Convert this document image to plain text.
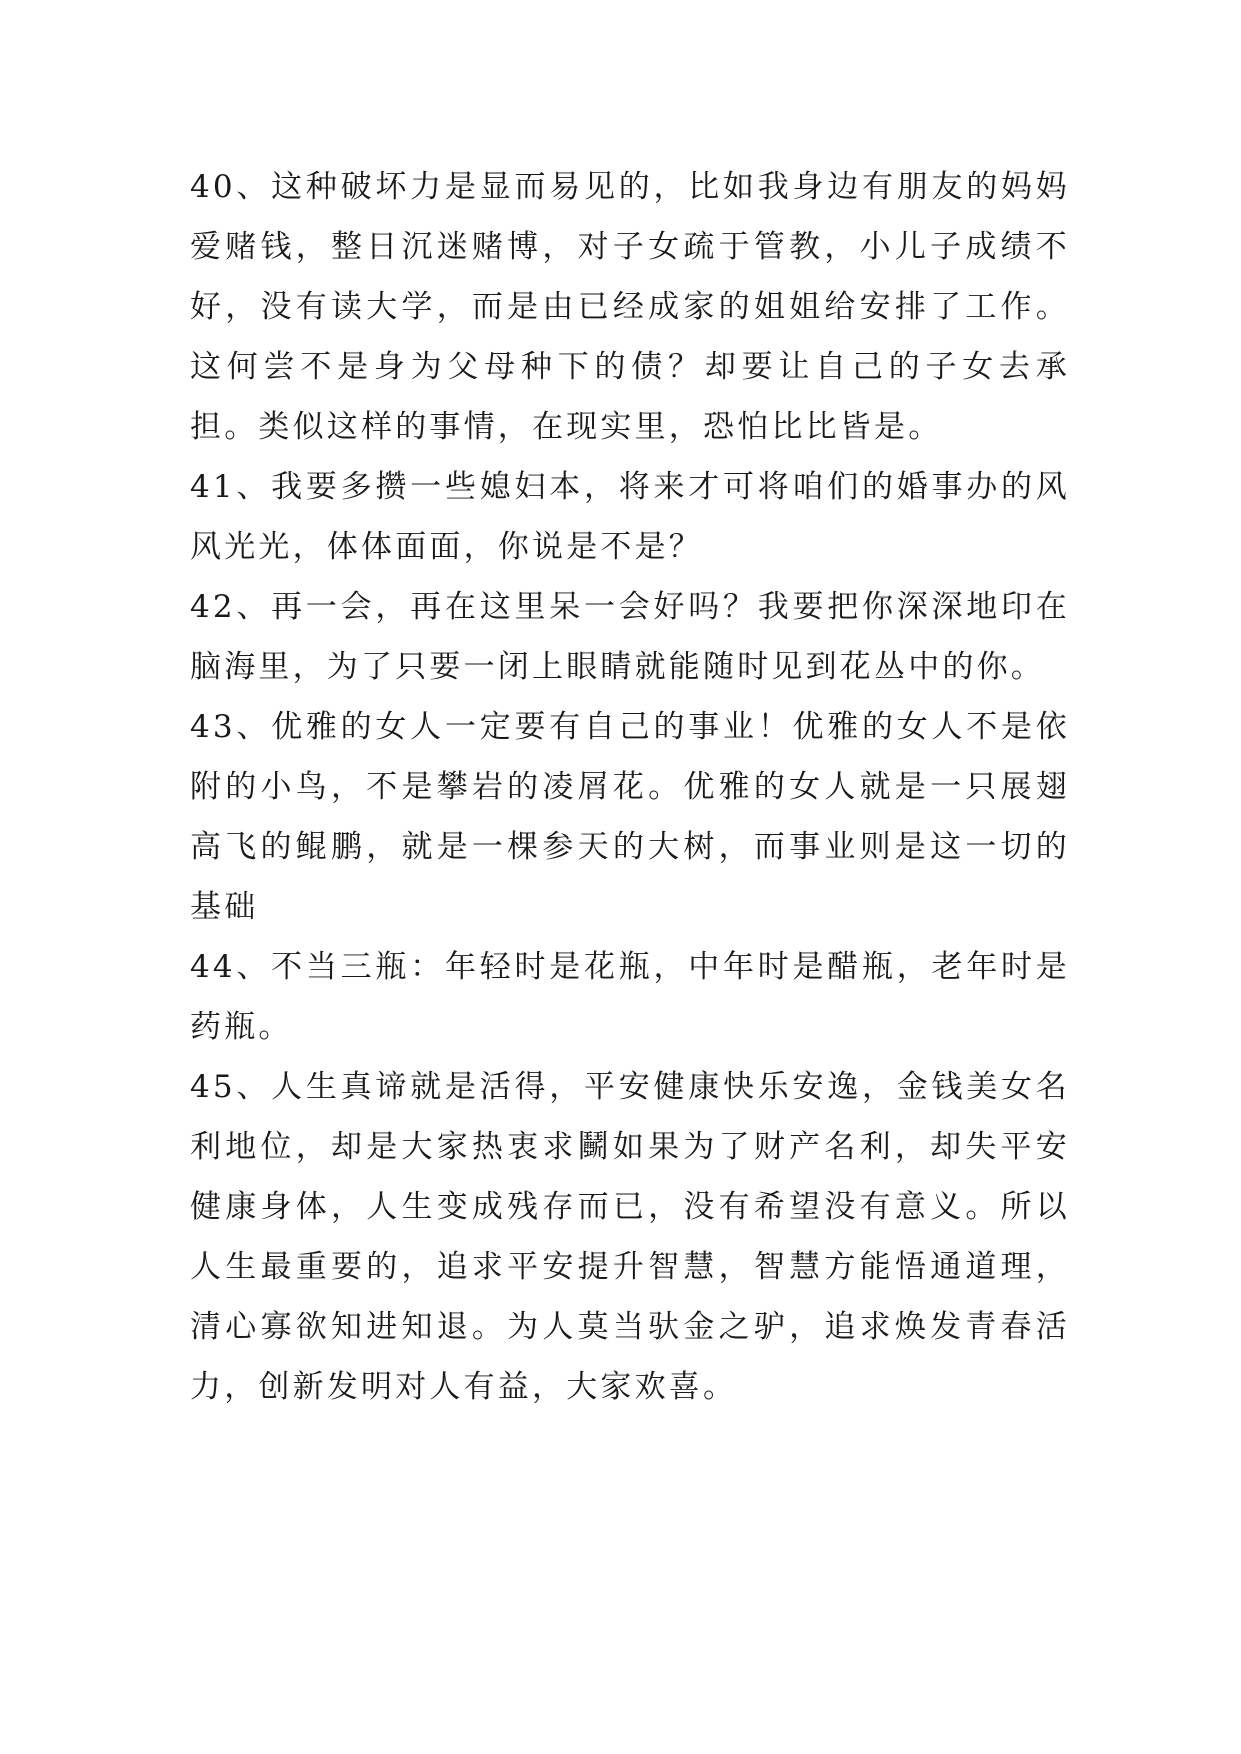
40、这种破坏力是显而易见的，比如我身边有朋友的妈妈爱赌钱，整日沉迷赌博，对子女疏于管教，小儿子成绩不好，没有读大学，而是由已经成家的姐姐给安排了工作。这何尝不是身为父母种下的债？却要让自己的子女去承担。类似这样的事情，在现实里，恐怕比比皆是。

41、我要多攒一些媳妇本，将来才可将咱们的婚事办的风风光光，体体面面，你说是不是？

42、再一会，再在这里呆一会好吗？我要把你深深地印在脑海里，为了只要一闭上眼睛就能随时见到花丛中的你。

43、优雅的女人一定要有自己的事业！优雅的女人不是依附的小鸟，不是攀岩的凌屑花。优雅的女人就是一只展翅高飞的鲲鹏，就是一棵参天的大树，而事业则是这一切的基础

44、不当三瓶：年轻时是花瓶，中年时是醋瓶，老年时是药瓶。

45、人生真谛就是活得，平安健康快乐安逸，金钱美女名利地位，却是大家热衷求鬭如果为了财产名利，却失平安健康身体，人生变成残存而已，没有希望没有意义。所以人生最重要的，追求平安提升智慧，智慧方能悟通道理，清心寡欲知进知退。为人莫当驮金之驴，追求焕发青春活力，创新发明对人有益，大家欢喜。
